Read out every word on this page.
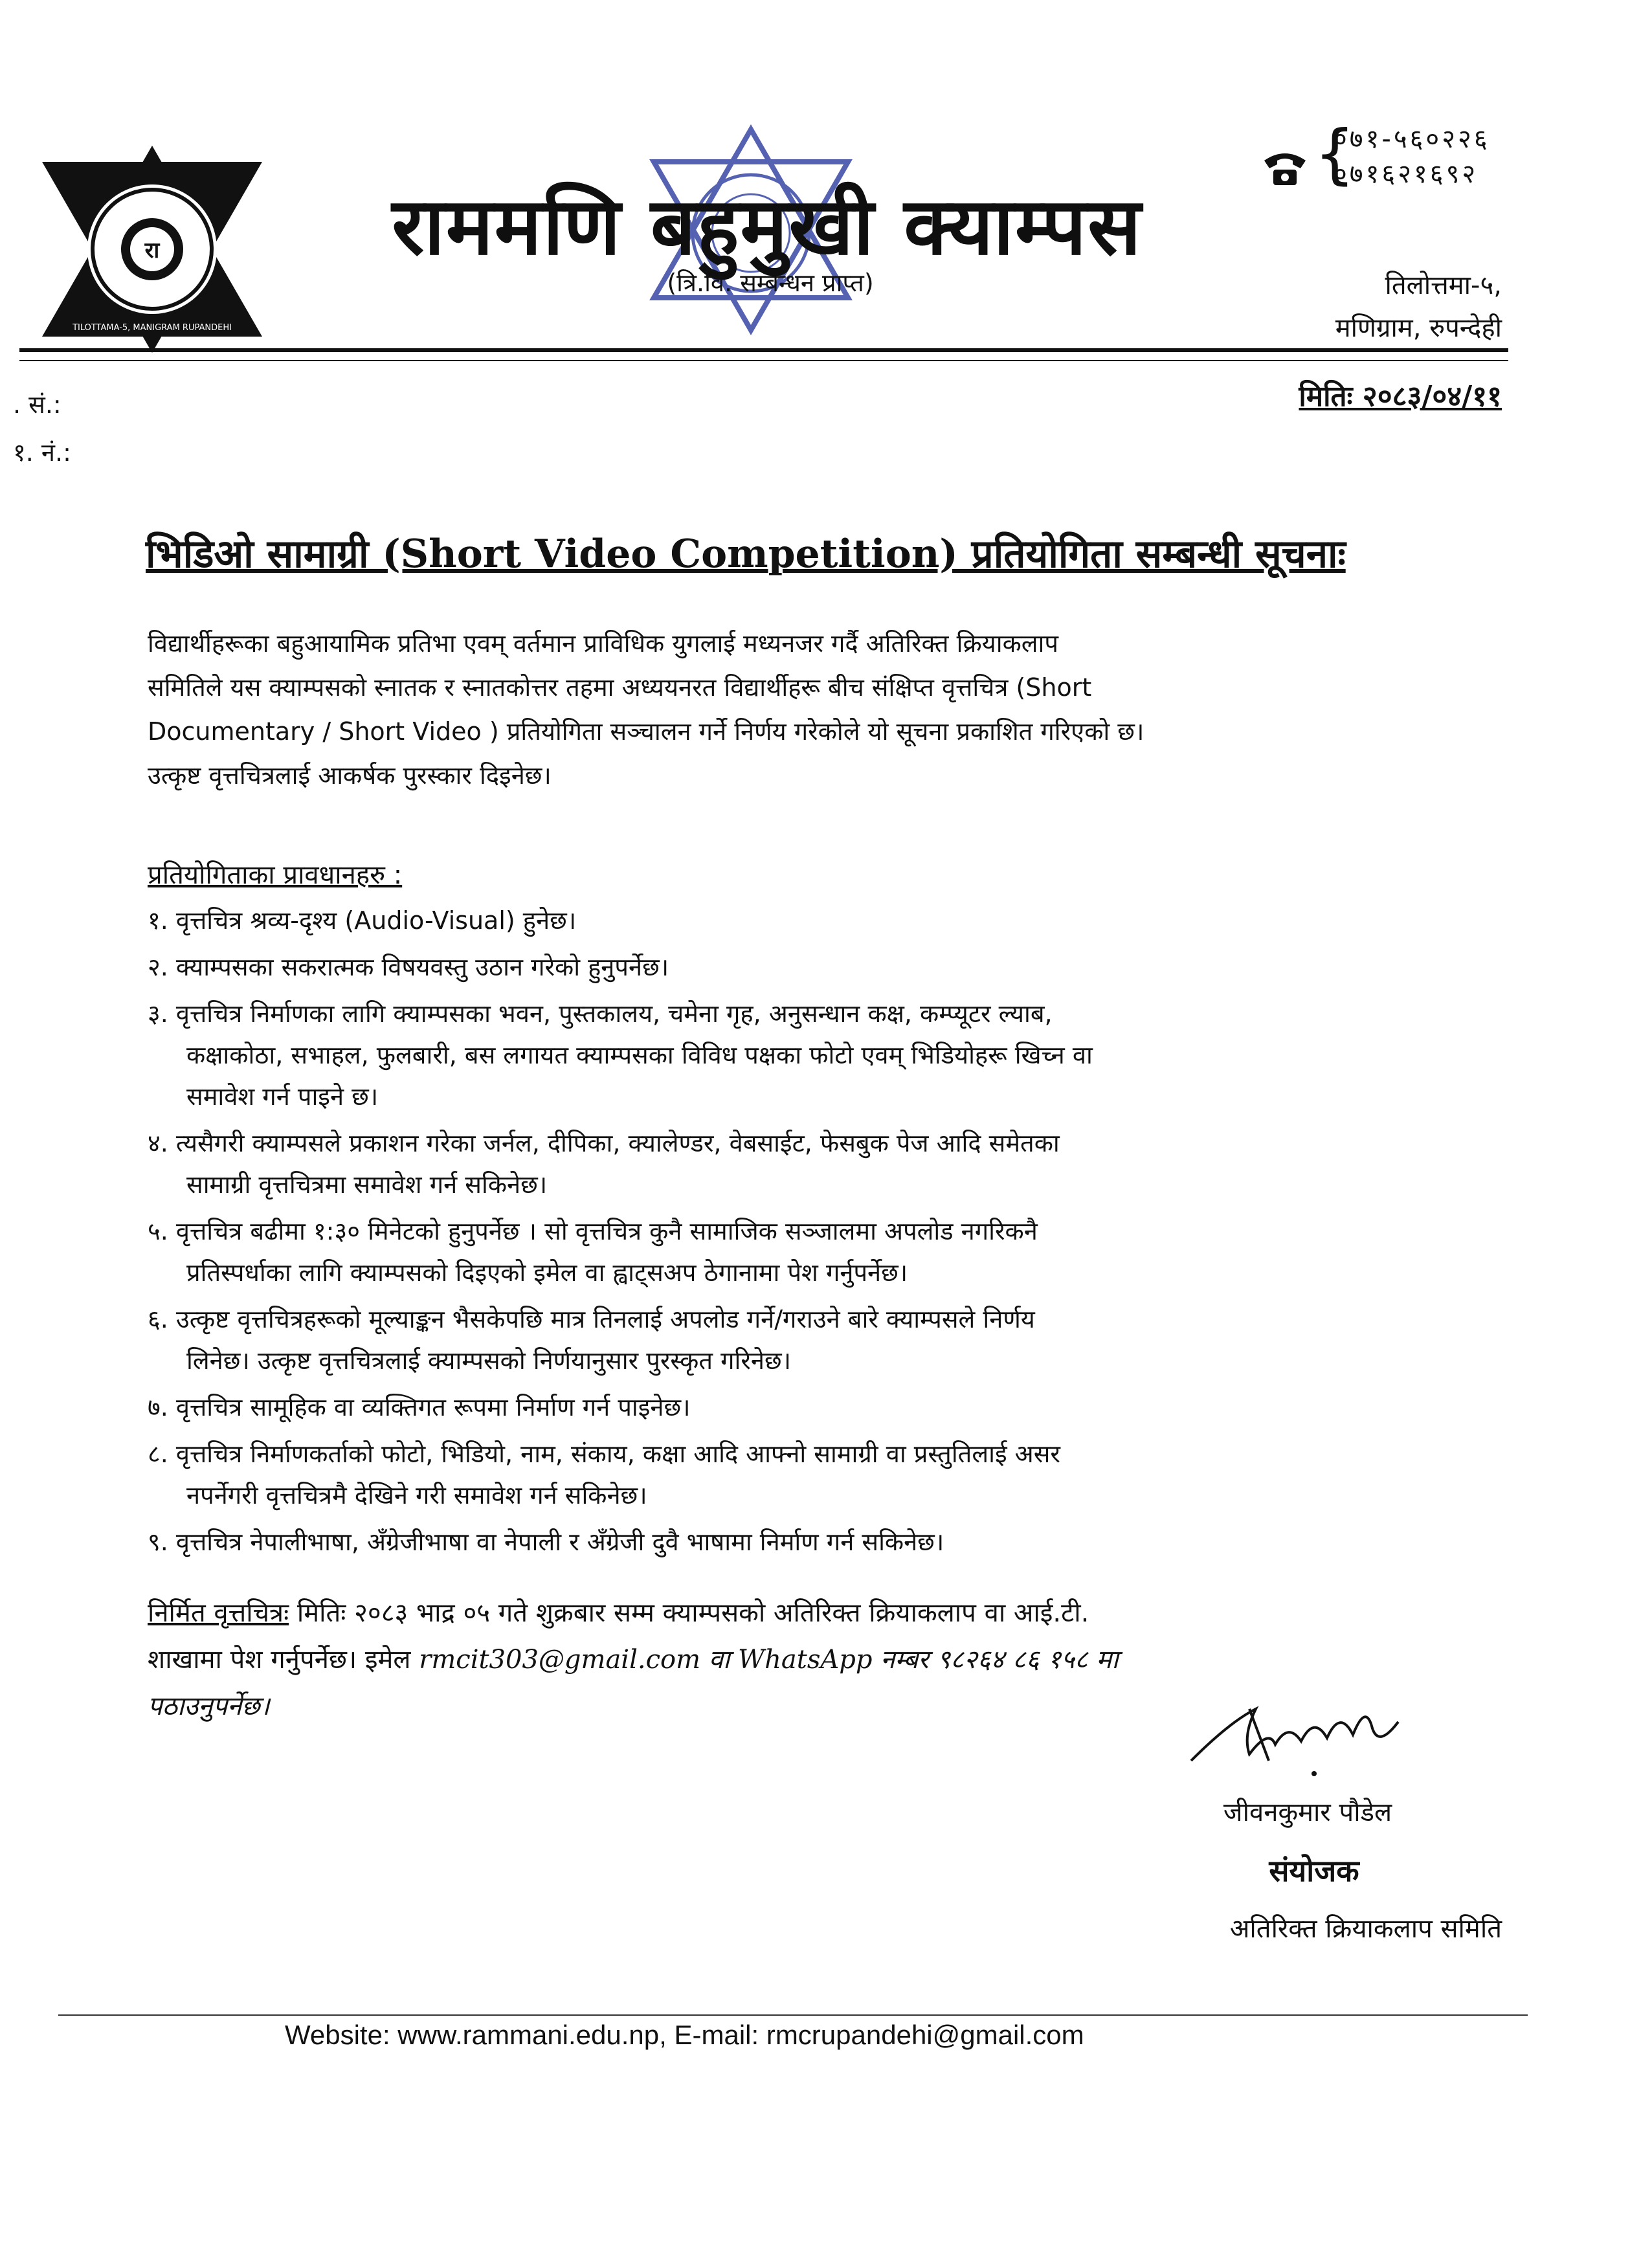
रा
TILOTTAMA-5, MANIGRAM RUPANDEHI
राममणि बहुमुखी क्याम्पस
(त्रि.वि. सम्बन्धन प्राप्त)
{
०७१-५६०२२६
०७१६२१६९२
तिलोत्तमा-५,
मणिग्राम, रुपन्देही
. सं.:
१. नं.:
मितिः २०८३/०४/११
भिडिओ सामाग्री (Short Video Competition) प्रतियोगिता सम्बन्धी सूचनाः
विद्यार्थीहरूका बहुआयामिक प्रतिभा एवम् वर्तमान प्राविधिक युगलाई मध्यनजर गर्दै अतिरिक्त क्रियाकलाप
समितिले यस क्याम्पसको स्नातक र स्नातकोत्तर तहमा अध्ययनरत विद्यार्थीहरू बीच संक्षिप्त वृत्तचित्र (Short
Documentary / Short Video ) प्रतियोगिता सञ्चालन गर्ने निर्णय गरेकोले यो सूचना प्रकाशित गरिएको छ।
उत्कृष्ट वृत्तचित्रलाई आकर्षक पुरस्कार दिइनेछ।
प्रतियोगिताका प्रावधानहरु :
१. वृत्तचित्र श्रव्य-दृश्य (Audio-Visual) हुनेछ।
२. क्याम्पसका सकरात्मक विषयवस्तु उठान गरेको हुनुपर्नेछ।
३. वृत्तचित्र निर्माणका लागि क्याम्पसका भवन, पुस्तकालय, चमेना गृह, अनुसन्धान कक्ष, कम्प्यूटर ल्याब,
कक्षाकोठा, सभाहल, फुलबारी, बस लगायत क्याम्पसका विविध पक्षका फोटो एवम् भिडियोहरू खिच्न वा
समावेश गर्न पाइने छ।
४. त्यसैगरी क्याम्पसले प्रकाशन गरेका जर्नल, दीपिका, क्यालेण्डर, वेबसाईट, फेसबुक पेज आदि समेतका
सामाग्री वृत्तचित्रमा समावेश गर्न सकिनेछ।
५. वृत्तचित्र बढीमा १:३० मिनेटको हुनुपर्नेछ । सो वृत्तचित्र कुनै सामाजिक सञ्जालमा अपलोड नगरिकनै
प्रतिस्पर्धाका लागि क्याम्पसको दिइएको इमेल वा ह्वाट्सअप ठेगानामा पेश गर्नुपर्नेछ।
६. उत्कृष्ट वृत्तचित्रहरूको मूल्याङ्कन भैसकेपछि मात्र तिनलाई अपलोड गर्ने/गराउने बारे क्याम्पसले निर्णय
लिनेछ। उत्कृष्ट वृत्तचित्रलाई क्याम्पसको निर्णयानुसार पुरस्कृत गरिनेछ।
७. वृत्तचित्र सामूहिक वा व्यक्तिगत रूपमा निर्माण गर्न पाइनेछ।
८. वृत्तचित्र निर्माणकर्ताको फोटो, भिडियो, नाम, संकाय, कक्षा आदि आफ्नो सामाग्री वा प्रस्तुतिलाई असर
नपर्नेगरी वृत्तचित्रमै देखिने गरी समावेश गर्न सकिनेछ।
९. वृत्तचित्र नेपालीभाषा, अँग्रेजीभाषा वा नेपाली र अँग्रेजी दुवै भाषामा निर्माण गर्न सकिनेछ।
निर्मित वृत्तचित्रः मितिः २०८३ भाद्र ०५ गते शुक्रबार सम्म क्याम्पसको अतिरिक्त क्रियाकलाप वा आई.टी.
शाखामा पेश गर्नुपर्नेछ। इमेल rmcit303@gmail.com वा WhatsApp नम्बर ९८२६४ ८६ १५८ मा
पठाउनुपर्नेछ।
जीवनकुमार पौडेल
संयोजक
अतिरिक्त क्रियाकलाप समिति
Website: www.rammani.edu.np, E-mail: rmcrupandehi@gmail.com
